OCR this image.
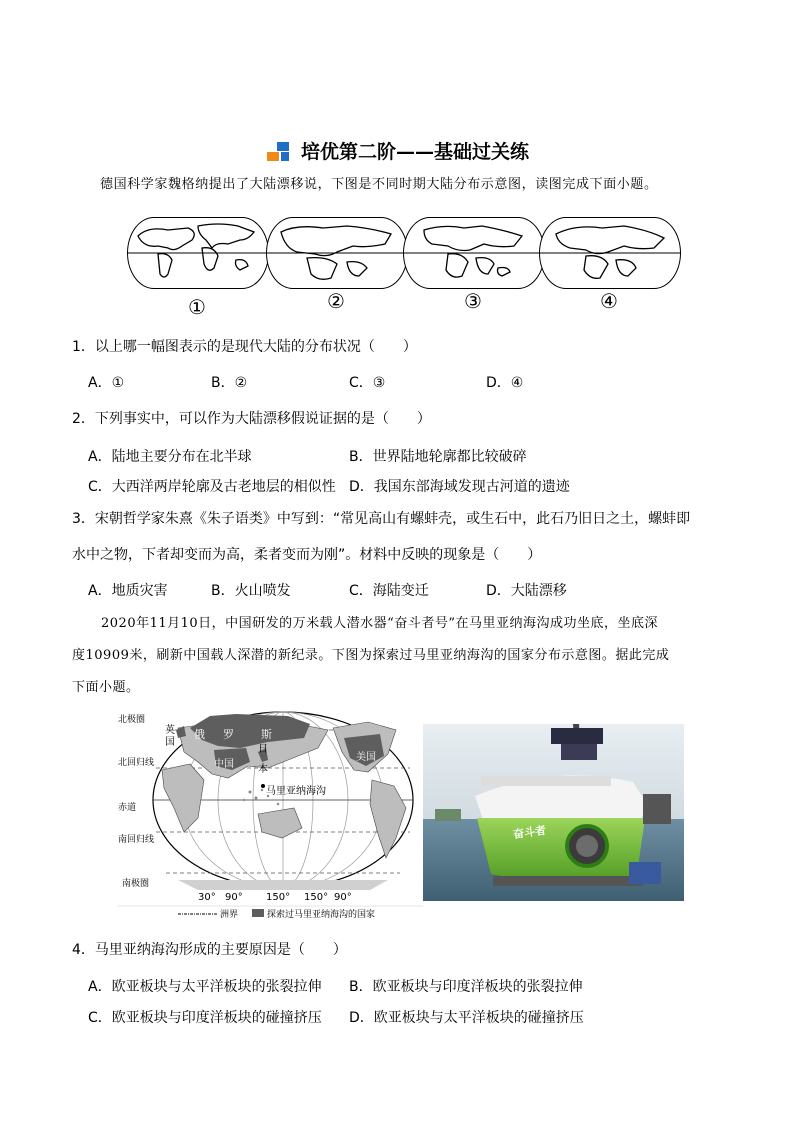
培优第二阶——基础过关练
德国科学家魏格纳提出了大陆漂移说，下图是不同时期大陆分布示意图，读图完成下面小题。
①	②	③	④
1．以上哪一幅图表示的是现代大陆的分布状况（　　）
A．①	B．②	C．③	D．④
2．下列事实中，可以作为大陆漂移假说证据的是（　　）
A．陆地主要分布在北半球	B．世界陆地轮廓都比较破碎
C．大西洋两岸轮廓及古老地层的相似性 D．我国东部海域发现古河道的遗迹
3．宋朝哲学家朱熹《朱子语类》中写到：“常见高山有螺蚌壳，或生石中，此石乃旧日之土，螺蚌即
水中之物，下者却变而为高，柔者变而为刚”。材料中反映的现象是（　　）
A．地质灾害	B．火山喷发	C．海陆变迁	D．大陆漂移
2020年11月10日，中国研发的万米载人潜水器“奋斗者号”在马里亚纳海沟成功坐底，坐底深
度10909米，刷新中国载人深潜的新纪录。下图为探索过马里亚纳海沟的国家分布示意图。据此完成
下面小题。
北极圈
北回归线
赤道
南回归线
南极圈
英
国
俄 罗 斯
中国
日
本
美国
马里亚纳海沟
30° 90° 150° 150° 90°
洲界	探索过马里亚纳海沟的国家
奋斗者
4．马里亚纳海沟形成的主要原因是（　　）
A．欧亚板块与太平洋板块的张裂拉伸 B．欧亚板块与印度洋板块的张裂拉伸
C．欧亚板块与印度洋板块的碰撞挤压 D．欧亚板块与太平洋板块的碰撞挤压
